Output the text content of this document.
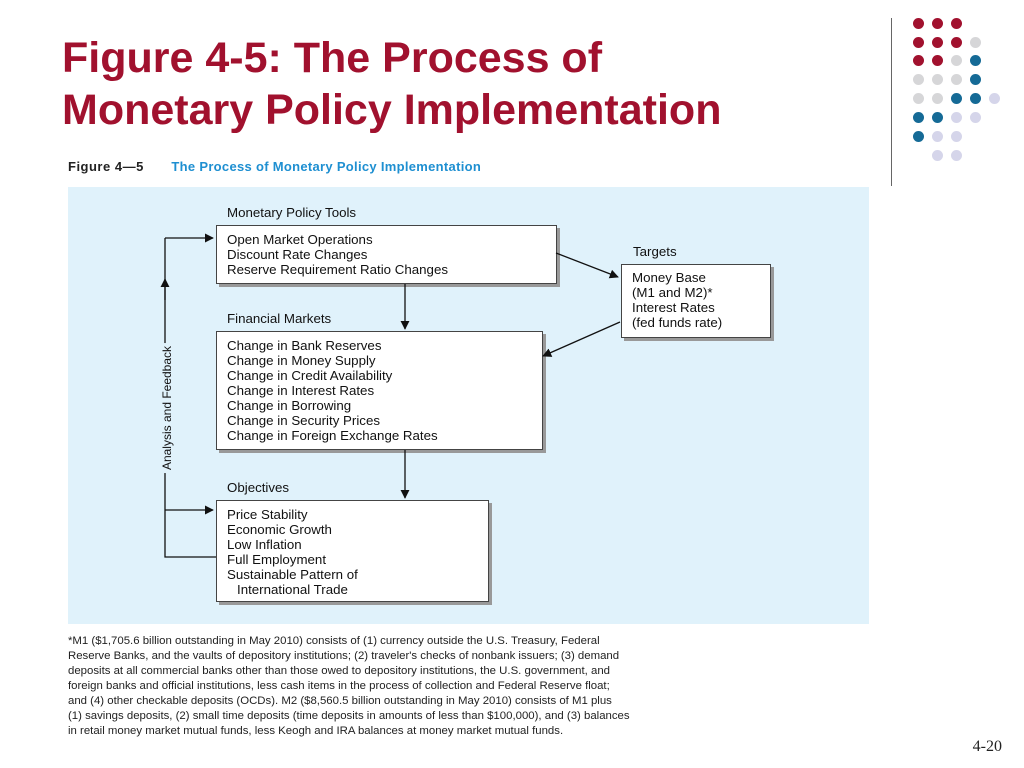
Figure 4-5: The Process of
Monetary Policy Implementation
Figure 4—5 The Process of Monetary Policy Implementation
Monetary Policy Tools
Targets
Financial Markets
Objectives
Open Market Operations
Discount Rate Changes
Reserve Requirement Ratio Changes
Money Base
(M1 and M2)*
Interest Rates
(fed funds rate)
Change in Bank Reserves
Change in Money Supply
Change in Credit Availability
Change in Interest Rates
Change in Borrowing
Change in Security Prices
Change in Foreign Exchange Rates
Price Stability
Economic Growth
Low Inflation
Full Employment
Sustainable Pattern of
International Trade
Analysis and Feedback
*M1 ($1,705.6 billion outstanding in May 2010) consists of (1) currency outside the U.S. Treasury, Federal
Reserve Banks, and the vaults of depository institutions; (2) traveler's checks of nonbank issuers; (3) demand
deposits at all commercial banks other than those owed to depository institutions, the U.S. government, and
foreign banks and official institutions, less cash items in the process of collection and Federal Reserve float;
and (4) other checkable deposits (OCDs). M2 ($8,560.5 billion outstanding in May 2010) consists of M1 plus
(1) savings deposits, (2) small time deposits (time deposits in amounts of less than $100,000), and (3) balances
in retail money market mutual funds, less Keogh and IRA balances at money market mutual funds.
4-20
